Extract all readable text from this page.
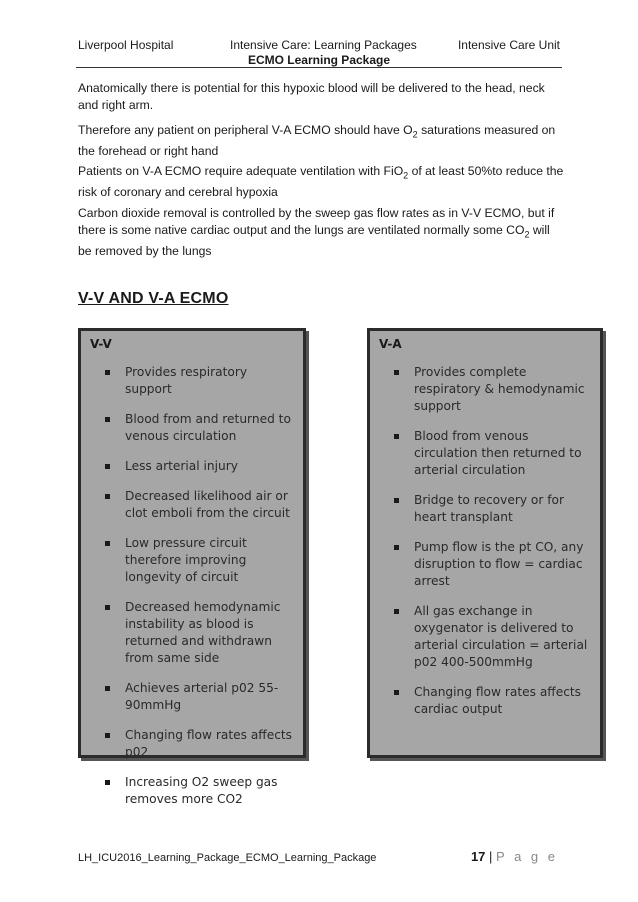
Liverpool Hospital	Intensive Care: Learning Packages	Intensive Care Unit
ECMO Learning Package

Anatomically there is potential for this hypoxic blood will be delivered to the head, neck and right arm.

Therefore any patient on peripheral V-A ECMO should have $O_2$ saturations measured on the forehead or right hand

Patients on V-A ECMO require adequate ventilation with FiO$_2$ of at least 50%to reduce the risk of coronary and cerebral hypoxia

Carbon dioxide removal is controlled by the sweep gas flow rates as in V-V ECMO, but if there is some native cardiac output and the lungs are ventilated normally some $CO_2$ will be removed by the lungs

V-V AND V-A ECMO
V-V
Provides respiratory support
Blood from and returned to venous circulation
Less arterial injury
Decreased likelihood air or clot emboli from the circuit
Low pressure circuit therefore improving longevity of circuit
Decreased hemodynamic instability as blood is returned and withdrawn from same side
Achieves arterial p02 55-90mmHg
Changing flow rates affects p02
Increasing O2 sweep gas removes more CO2
V-A
Provides complete respiratory & hemodynamic support
Blood from venous circulation then returned to arterial circulation
Bridge to recovery or for heart transplant
Pump flow is the pt CO, any disruption to flow = cardiac arrest
All gas exchange in oxygenator is delivered to arterial circulation = arterial p02 400-500mmHg
Changing flow rates affects cardiac output
LH_ICU2016_Learning_Package_ECMO_Learning_Package	17 | P a g e
